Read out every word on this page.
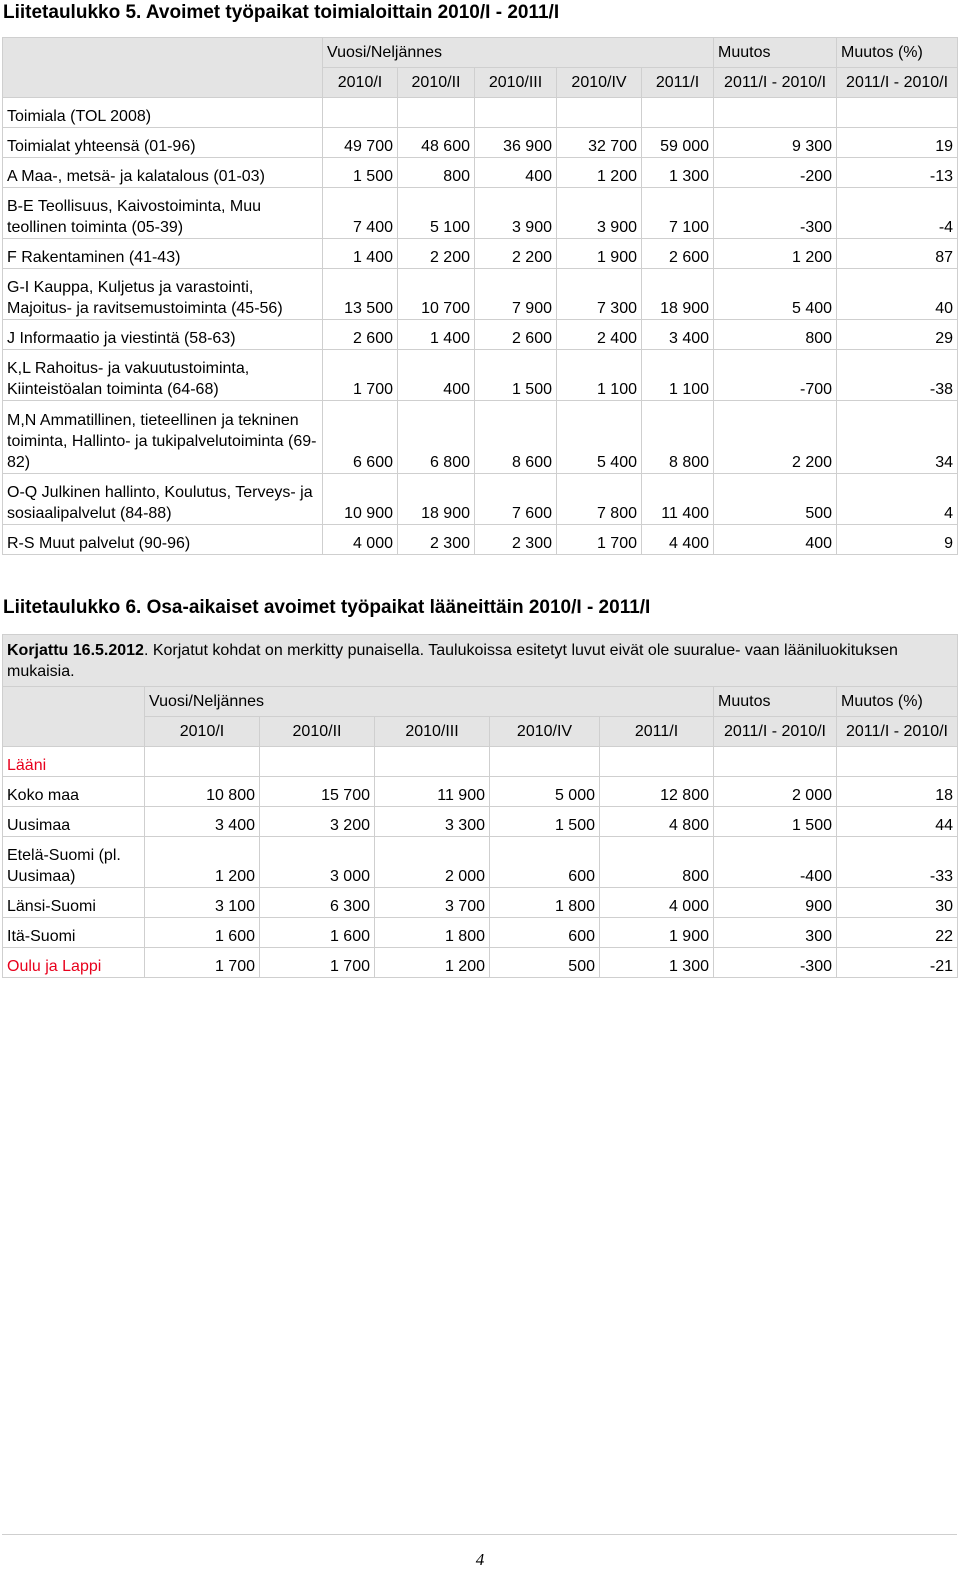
Liitetaulukko 5. Avoimet työpaikat toimialoittain 2010/I - 2011/I
	Vuosi/Neljännes					Muutos	Muutos (%)
	2010/I	2010/II	2010/III	2010/IV	2011/I	2011/I - 2010/I	2011/I - 2010/I
Toimiala (TOL 2008)							
Toimialat yhteensä (01-96)	49 700	48 600	36 900	32 700	59 000	9 300	19
A Maa-, metsä- ja kalatalous (01-03)	1 500	800	400	1 200	1 300	-200	-13
B-E Teollisuus, Kaivostoiminta, Muu teollinen toiminta (05-39)	7 400	5 100	3 900	3 900	7 100	-300	-4
F Rakentaminen (41-43)	1 400	2 200	2 200	1 900	2 600	1 200	87
G-I Kauppa, Kuljetus ja varastointi, Majoitus- ja ravitsemustoiminta (45-56)	13 500	10 700	7 900	7 300	18 900	5 400	40
J Informaatio ja viestintä (58-63)	2 600	1 400	2 600	2 400	3 400	800	29
K,L Rahoitus- ja vakuutustoiminta, Kiinteistöalan toiminta (64-68)	1 700	400	1 500	1 100	1 100	-700	-38
M,N Ammatillinen, tieteellinen ja tekninen toiminta, Hallinto- ja tukipalvelutoiminta (69-82)	6 600	6 800	8 600	5 400	8 800	2 200	34
O-Q Julkinen hallinto, Koulutus, Terveys- ja sosiaalipalvelut (84-88)	10 900	18 900	7 600	7 800	11 400	500	4
R-S Muut palvelut (90-96)	4 000	2 300	2 300	1 700	4 400	400	9
Liitetaulukko 6. Osa-aikaiset avoimet työpaikat lääneittäin 2010/I - 2011/I
Korjattu 16.5.2012. Korjatut kohdat on merkitty punaisella. Taulukoissa esitetyt luvut eivät ole suuralue- vaan lääniluokituksen mukaisia.							
	Vuosi/Neljännes					Muutos	Muutos (%)
	2010/I	2010/II	2010/III	2010/IV	2011/I	2011/I - 2010/I	2011/I - 2010/I
Lääni							
Koko maa	10 800	15 700	11 900	5 000	12 800	2 000	18
Uusimaa	3 400	3 200	3 300	1 500	4 800	1 500	44
Etelä-Suomi (pl. Uusimaa)	1 200	3 000	2 000	600	800	-400	-33
Länsi-Suomi	3 100	6 300	3 700	1 800	4 000	900	30
Itä-Suomi	1 600	1 600	1 800	600	1 900	300	22
Oulu ja Lappi	1 700	1 700	1 200	500	1 300	-300	-21
4
